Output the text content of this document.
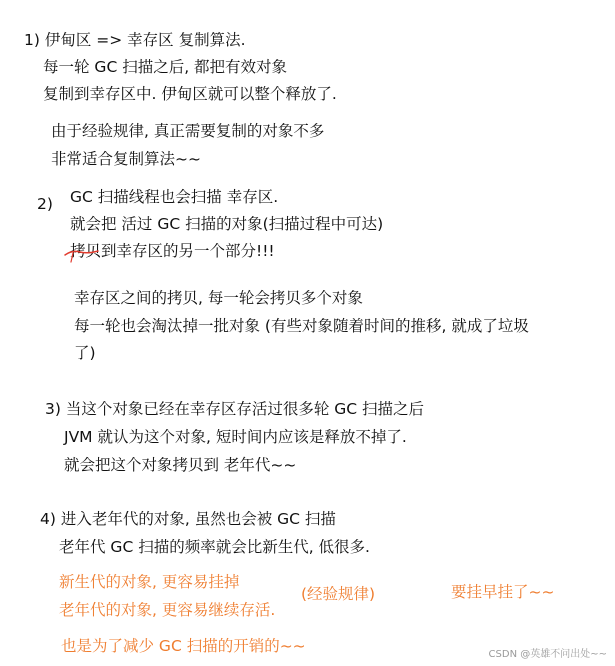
1) 伊甸区 => 幸存区 复制算法.
每一轮 GC 扫描之后, 都把有效对象
复制到幸存区中. 伊甸区就可以整个释放了.
由于经验规律, 真正需要复制的对象不多
非常适合复制算法~~
2) GC 扫描线程也会扫描 幸存区.
就会把 活过 GC 扫描的对象(扫描过程中可达)
拷贝到幸存区的另一个部分!!!
幸存区之间的拷贝, 每一轮会拷贝多个对象
每一轮也会淘汰掉一批对象 (有些对象随着时间的推移, 就成了垃圾
了)
3) 当这个对象已经在幸存区存活过很多轮 GC 扫描之后
JVM 就认为这个对象, 短时间内应该是释放不掉了.
就会把这个对象拷贝到 老年代~~
4) 进入老年代的对象, 虽然也会被 GC 扫描
老年代 GC 扫描的频率就会比新生代, 低很多.
新生代的对象, 更容易挂掉
老年代的对象, 更容易继续存活.
(经验规律)	要挂早挂了~~
也是为了减少 GC 扫描的开销的~~	CSDN @英雄不问出处~~
